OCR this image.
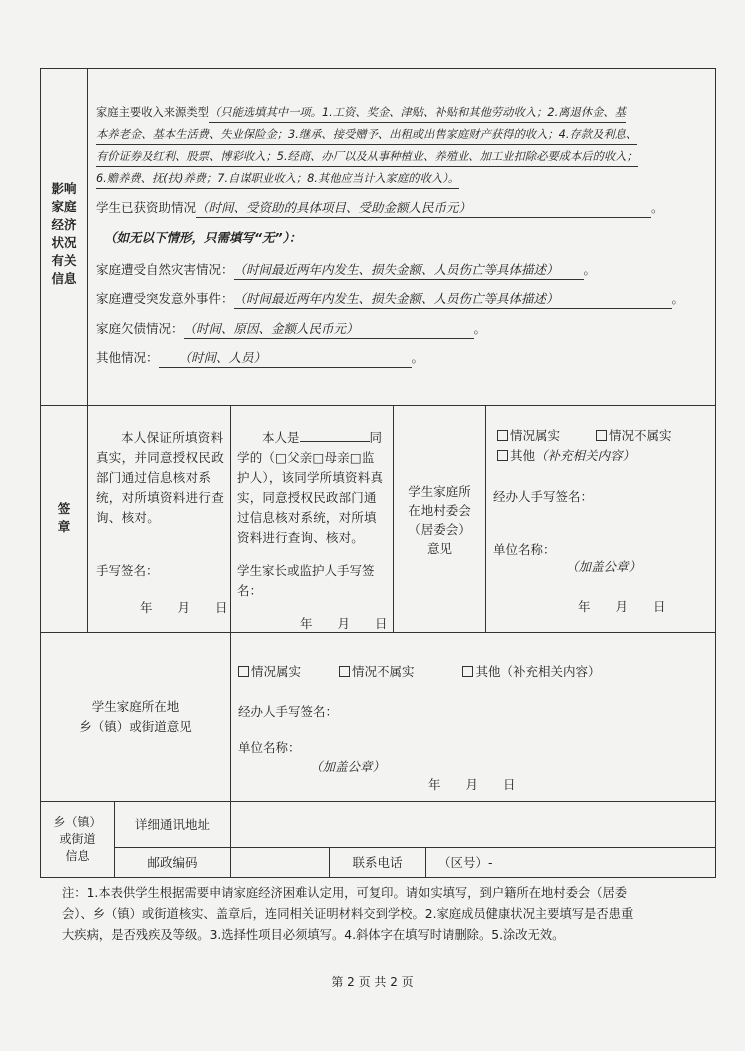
影响
家庭
经济
状况
有关
信息
家庭主要收入来源类型（只能选填其中一项。1.工资、奖金、津贴、补贴和其他劳动收入；2.离退休金、基
本养老金、基本生活费、失业保险金；3.继承、接受赠予、出租或出售家庭财产获得的收入；4.存款及利息、
有价证券及红利、股票、博彩收入；5.经商、办厂以及从事种植业、养殖业、加工业扣除必要成本后的收入；
6.赡养费、抚(扶)养费；7.自谋职业收入；8.其他应当计入家庭的收入）。
学生已获资助情况（时间、受资助的具体项目、受助金额人民币元）	。
（如无以下情形，只需填写“无”）：
家庭遭受自然灾害情况：（时间最近两年内发生、损失金额、人员伤亡等具体描述） 。
家庭遭受突发意外事件：（时间最近两年内发生、损失金额、人员伤亡等具体描述）	。
家庭欠债情况：（时间、原因、金额人民币元）	。
其他情况： （时间、人员）	。
签
章
本人保证所填资料真实，并同意授权民政部门通过信息核对系统，对所填资料进行查询、核对。
手写签名：
年　　月　　日
本人是	同
学的（□父亲□母亲□监
护人），该同学所填资料真实，同意授权民政部门通过信息核对系统，对所填资料进行查询、核对。
学生家长或监护人手写签名：
年　　月　　日
学生家庭所
在地村委会
（居委会）
意见
情况属实	情况不属实
其他（补充相关内容）
经办人手写签名：
单位名称：
（加盖公章）
年　　月　　日
学生家庭所在地
乡（镇）或街道意见
情况属实	情况不属实	其他（补充相关内容）
经办人手写签名：
单位名称：
（加盖公章）
年　　月　　日
乡（镇）
或街道
信息
详细通讯地址
邮政编码	联系电话	（区号）-
注：1.本表供学生根据需要申请家庭经济困难认定用，可复印。请如实填写，到户籍所在地村委会（居委
会）、乡（镇）或街道核实、盖章后，连同相关证明材料交到学校。2.家庭成员健康状况主要填写是否患重
大疾病，是否残疾及等级。3.选择性项目必须填写。4.斜体字在填写时请删除。5.涂改无效。
第 2 页 共 2 页
